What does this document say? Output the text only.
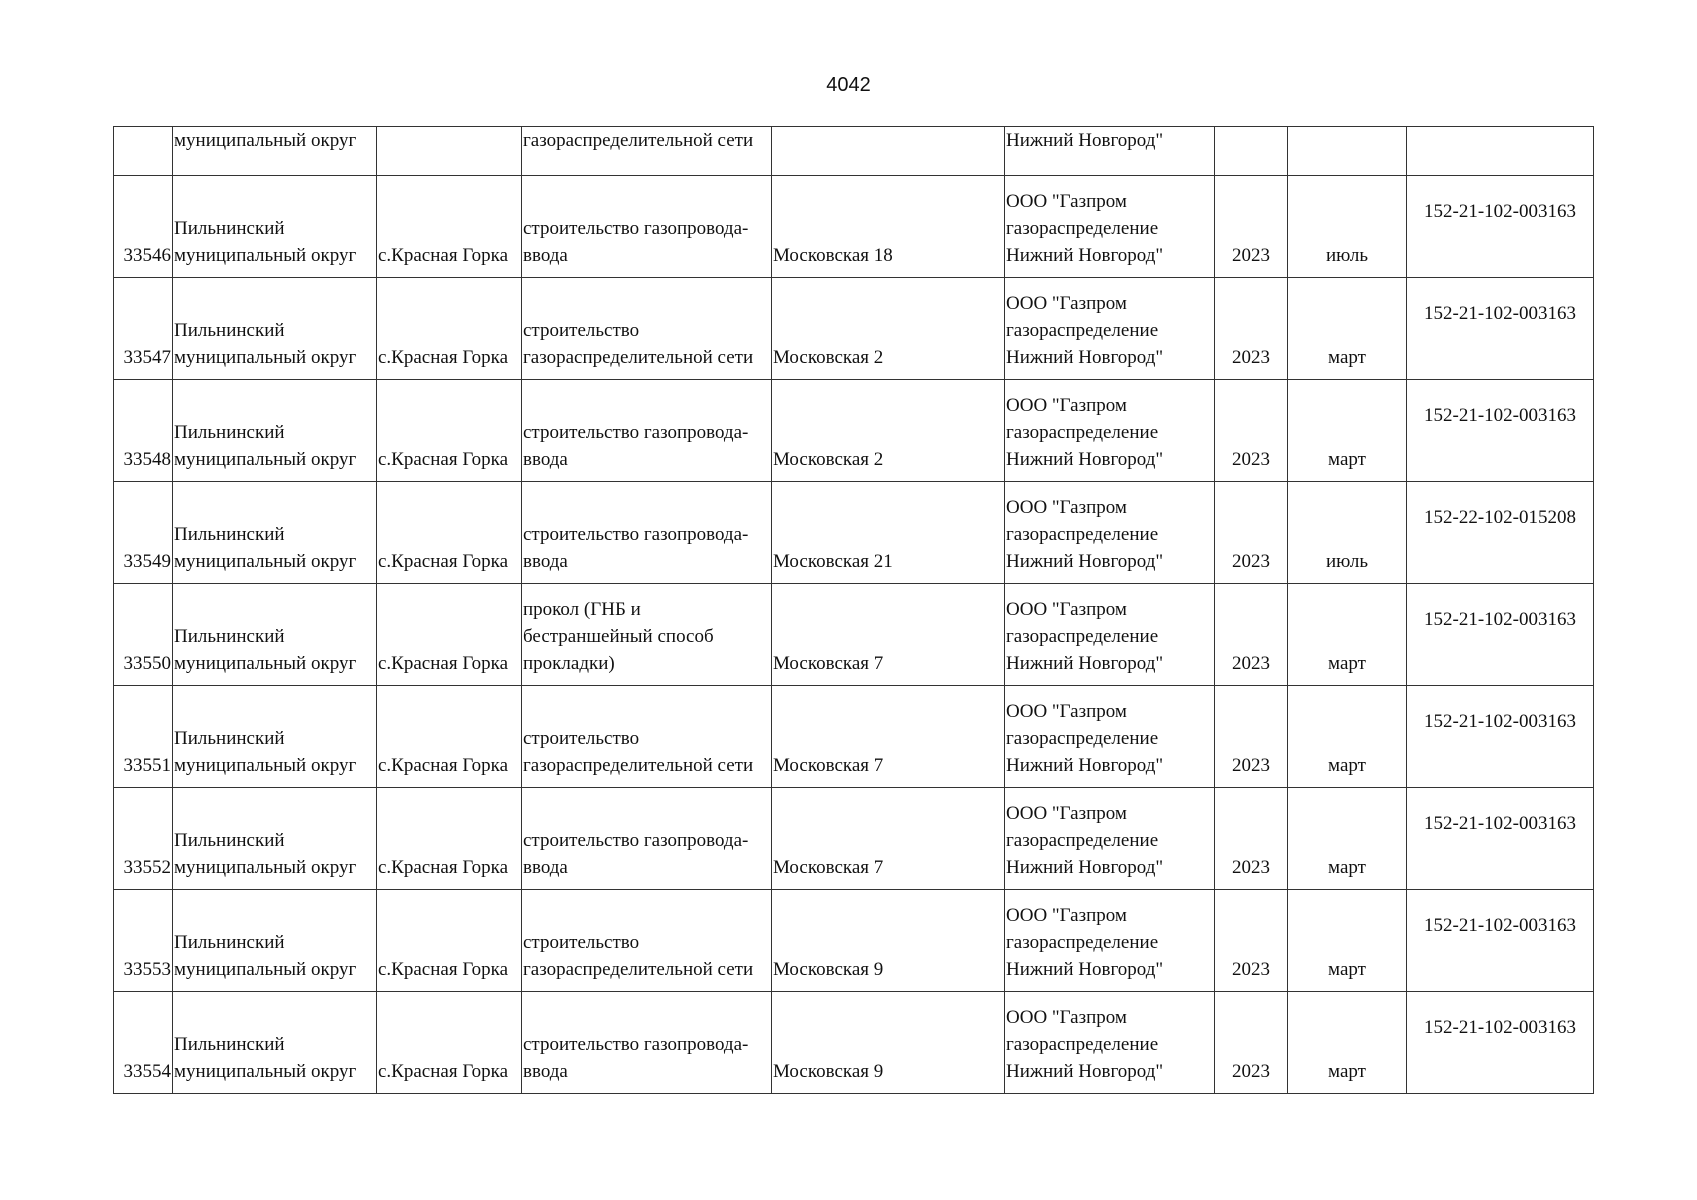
4042
	муниципальный округ		газораспределительной сети		Нижний Новгород"			
33546	Пильнинский
муниципальный округ	с.Красная Горка	строительство газопровода-
ввода	Московская 18	ООО "Газпром
газораспределение
Нижний Новгород"	2023	июль	152-21-102-003163
33547	Пильнинский
муниципальный округ	с.Красная Горка	строительство
газораспределительной сети	Московская 2	ООО "Газпром
газораспределение
Нижний Новгород"	2023	март	152-21-102-003163
33548	Пильнинский
муниципальный округ	с.Красная Горка	строительство газопровода-
ввода	Московская 2	ООО "Газпром
газораспределение
Нижний Новгород"	2023	март	152-21-102-003163
33549	Пильнинский
муниципальный округ	с.Красная Горка	строительство газопровода-
ввода	Московская 21	ООО "Газпром
газораспределение
Нижний Новгород"	2023	июль	152-22-102-015208
33550	Пильнинский
муниципальный округ	с.Красная Горка	прокол (ГНБ и
бестраншейный способ
прокладки)	Московская 7	ООО "Газпром
газораспределение
Нижний Новгород"	2023	март	152-21-102-003163
33551	Пильнинский
муниципальный округ	с.Красная Горка	строительство
газораспределительной сети	Московская 7	ООО "Газпром
газораспределение
Нижний Новгород"	2023	март	152-21-102-003163
33552	Пильнинский
муниципальный округ	с.Красная Горка	строительство газопровода-
ввода	Московская 7	ООО "Газпром
газораспределение
Нижний Новгород"	2023	март	152-21-102-003163
33553	Пильнинский
муниципальный округ	с.Красная Горка	строительство
газораспределительной сети	Московская 9	ООО "Газпром
газораспределение
Нижний Новгород"	2023	март	152-21-102-003163
33554	Пильнинский
муниципальный округ	с.Красная Горка	строительство газопровода-
ввода	Московская 9	ООО "Газпром
газораспределение
Нижний Новгород"	2023	март	152-21-102-003163
